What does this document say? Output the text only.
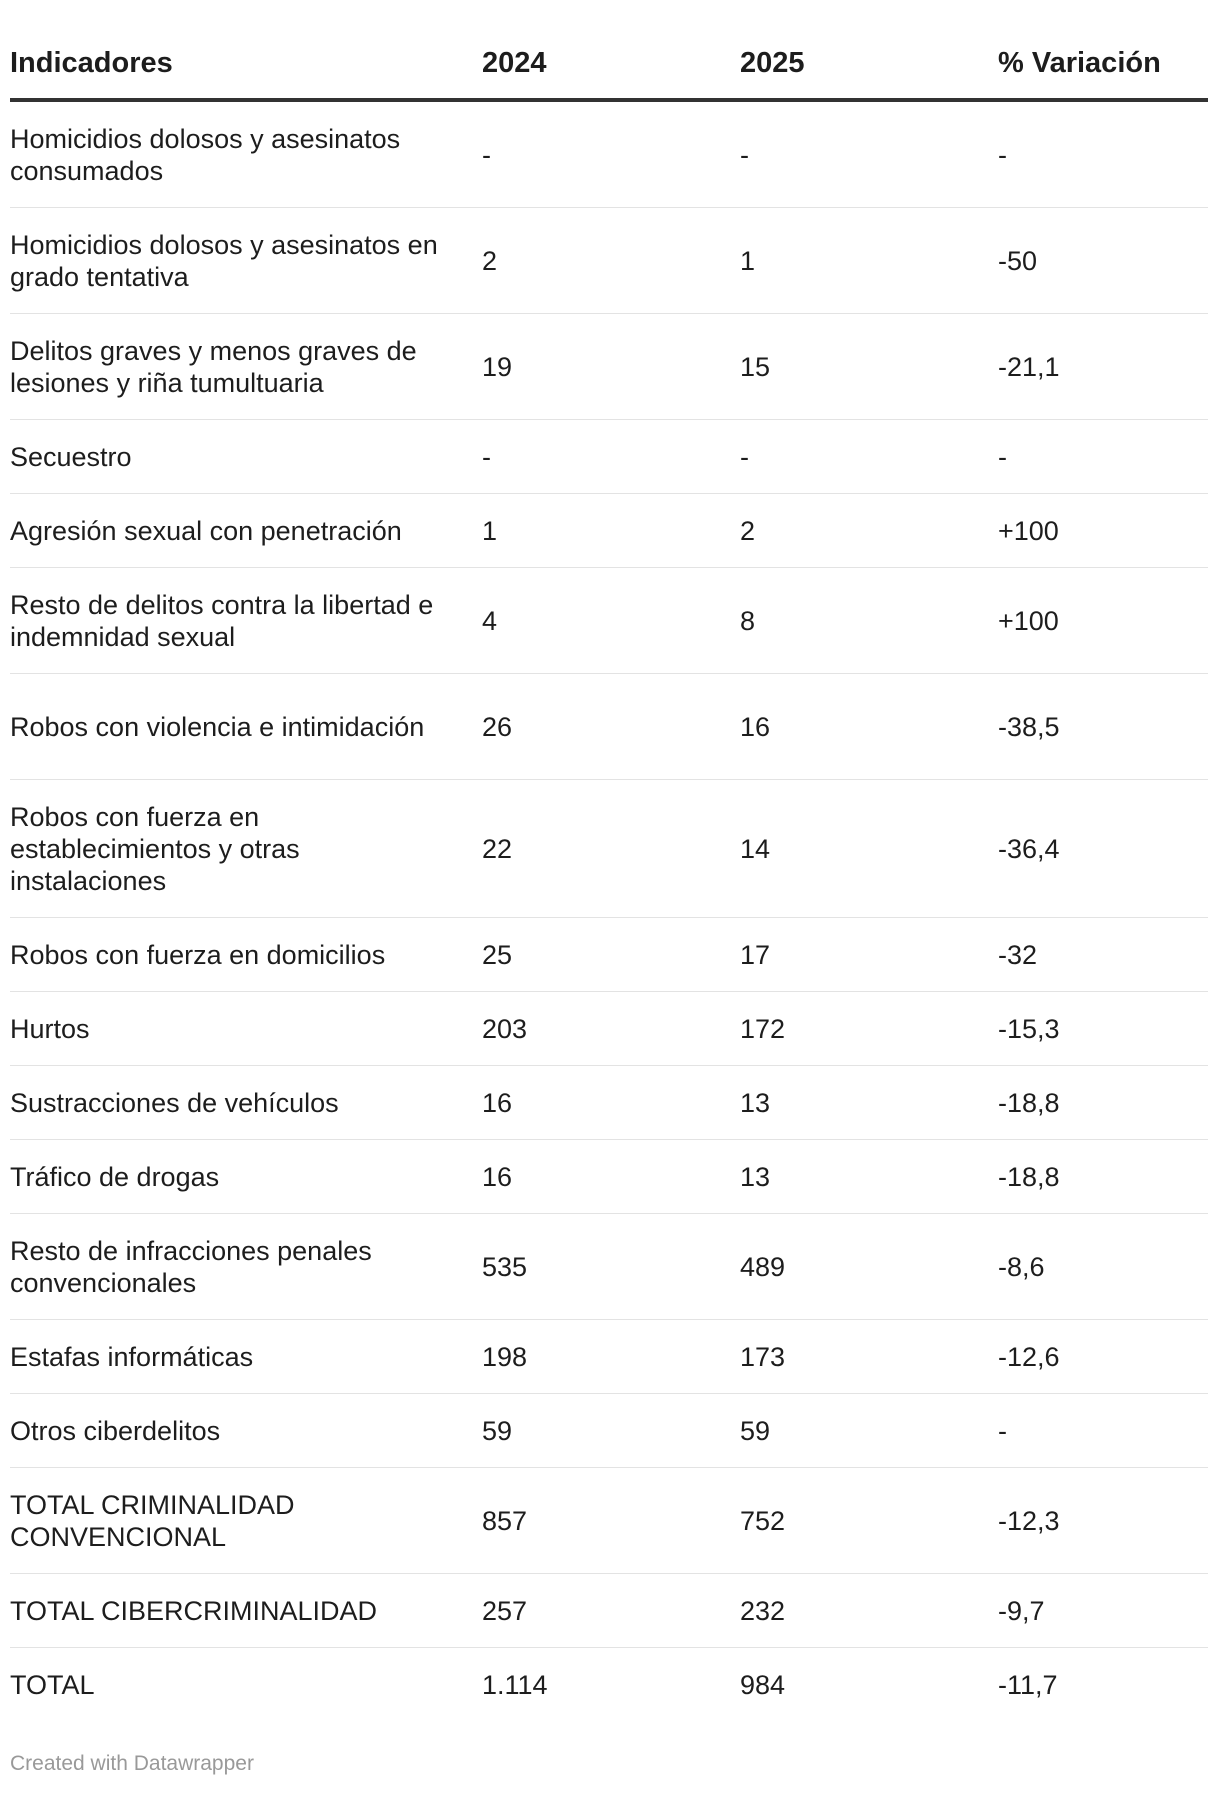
Indicadores	2024	2025	% Variación
Homicidios dolosos y asesinatos consumados	-	-	-
Homicidios dolosos y asesinatos en grado tentativa	2	1	-50
Delitos graves y menos graves de lesiones y riña tumultuaria	19	15	-21,1
Secuestro	-	-	-
Agresión sexual con penetración	1	2	+100
Resto de delitos contra la libertad e indemnidad sexual	4	8	+100
Robos con violencia e intimidación	26	16	-38,5
Robos con fuerza en establecimientos y otras instalaciones	22	14	-36,4
Robos con fuerza en domicilios	25	17	-32
Hurtos	203	172	-15,3
Sustracciones de vehículos	16	13	-18,8
Tráfico de drogas	16	13	-18,8
Resto de infracciones penales convencionales	535	489	-8,6
Estafas informáticas	198	173	-12,6
Otros ciberdelitos	59	59	-
TOTAL CRIMINALIDAD CONVENCIONAL	857	752	-12,3
TOTAL CIBERCRIMINALIDAD	257	232	-9,7
TOTAL	1.114	984	-11,7
Created with Datawrapper
